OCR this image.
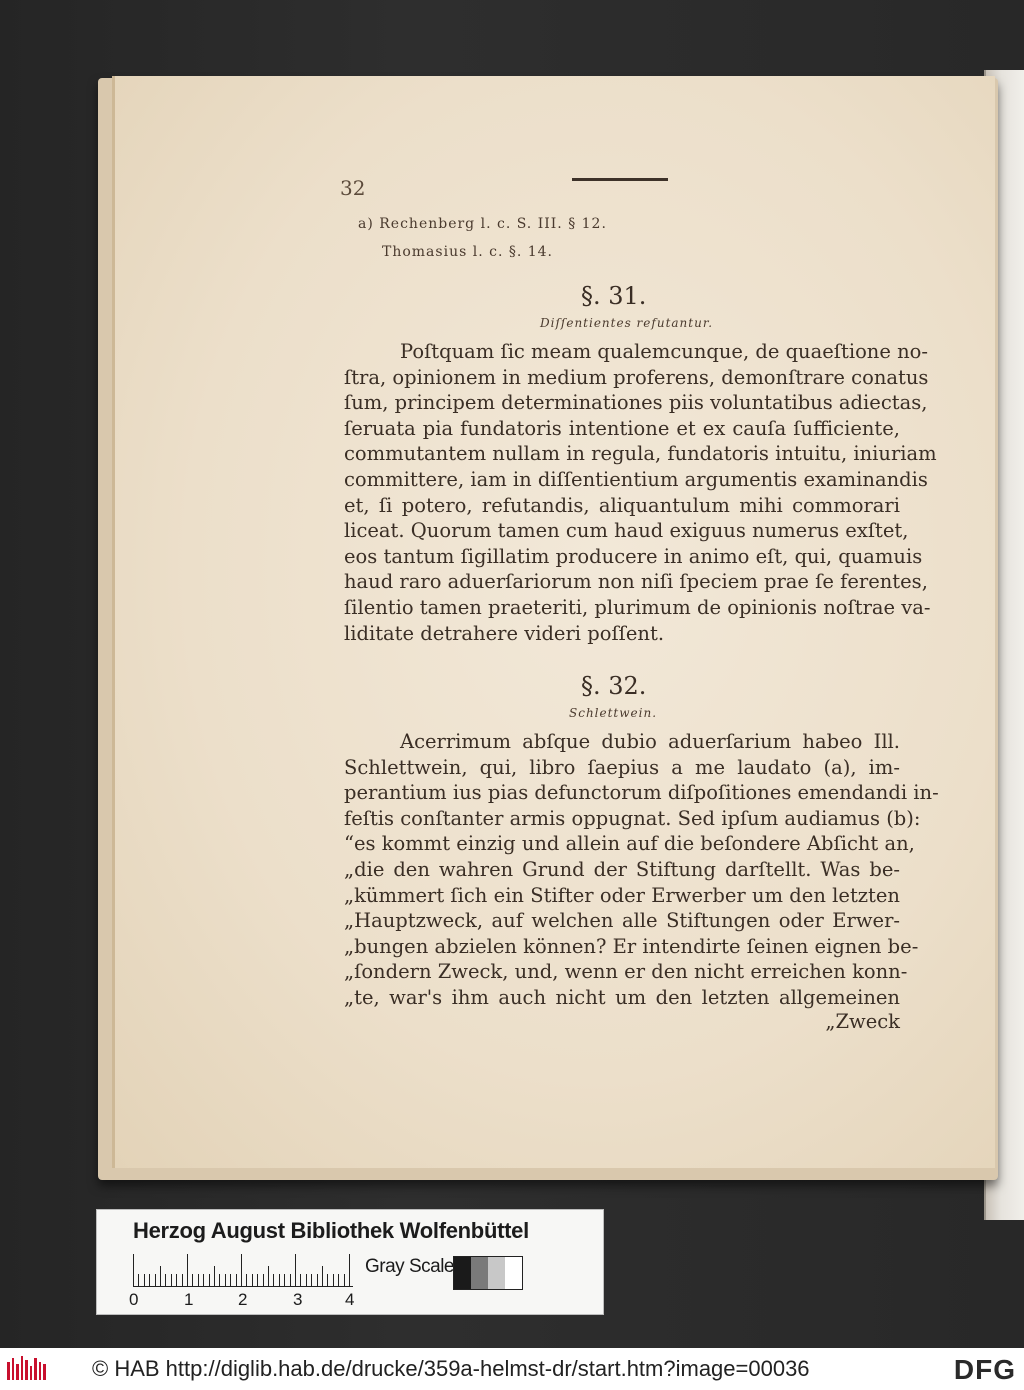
32
a) Rechenberg l. c. S. III. § 12.
Thomasius l. c. §. 14.
§. 31.
Diſſentientes refutantur.
Poſtquam ſic meam qualemcunque, de quaeſtione no-
ſtra, opinionem in medium proferens, demonſtrare conatus
ſum, principem determinationes piis voluntatibus adiectas,
ſeruata pia fundatoris intentione et ex cauſa ſufficiente,
commutantem nullam in regula, fundatoris intuitu, iniuriam
committere, iam in diſſentientium argumentis examinandis
et, ſi potero, refutandis, aliquantulum mihi commorari
liceat. Quorum tamen cum haud exiguus numerus exſtet,
eos tantum ſigillatim producere in animo eſt, qui, quamuis
haud raro aduerſariorum non niſi ſpeciem prae ſe ferentes,
ſilentio tamen praeteriti, plurimum de opinionis noſtrae va-
liditate detrahere videri poſſent.
§. 32.
Schlettwein.
Acerrimum abſque dubio aduerſarium habeo Ill.
Schlettwein, qui, libro ſaepius a me laudato (a), im-
perantium ius pias defunctorum diſpoſitiones emendandi in-
feſtis conſtanter armis oppugnat. Sed ipſum audiamus (b):
“es kommt einzig und allein auf die beſondere Abſicht an,
„die den wahren Grund der Stiftung darſtellt. Was be-
„kümmert ſich ein Stifter oder Erwerber um den letzten
„Hauptzweck, auf welchen alle Stiftungen oder Erwer-
„bungen abzielen können? Er intendirte ſeinen eignen be-
„ſondern Zweck, und, wenn er den nicht erreichen konn-
„te, war's ihm auch nicht um den letzten allgemeinen
„Zweck
Herzog August Bibliothek Wolfenbüttel
0	1	2	3	4
Gray Scale
© HAB http://diglib.hab.de/drucke/359a-helmst-dr/start.htm?image=00036	DFG
